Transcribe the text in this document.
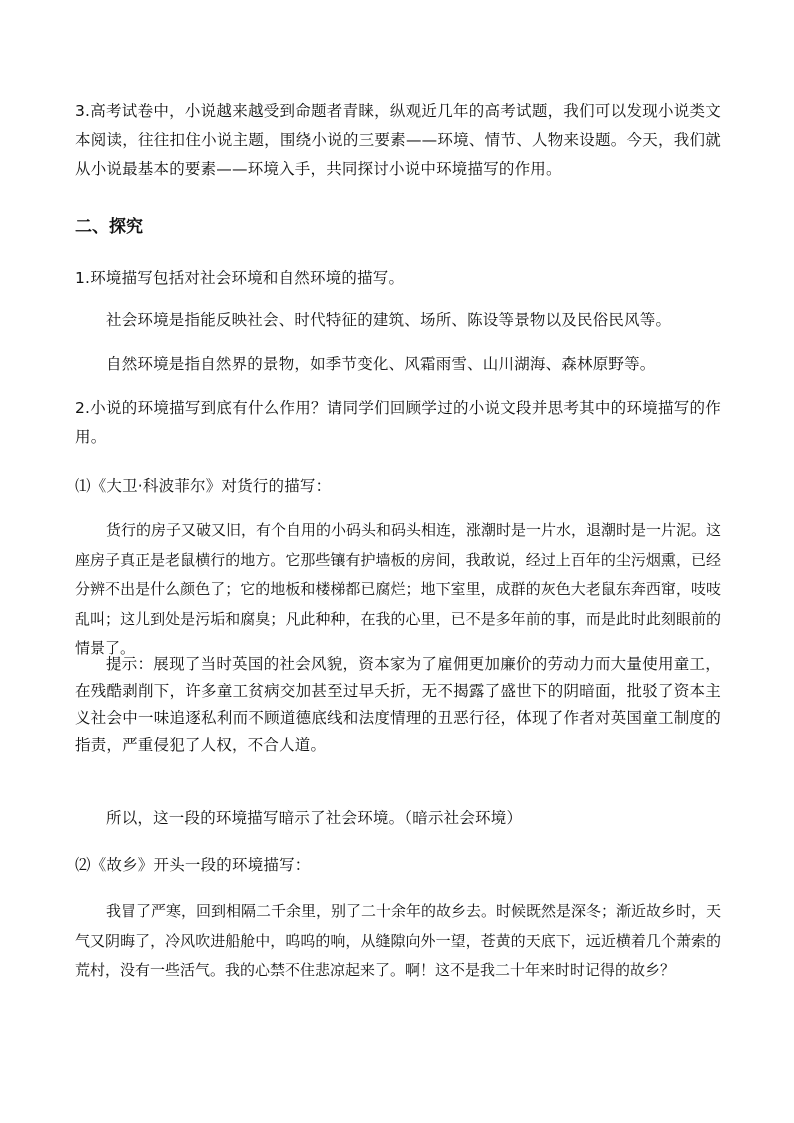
3.高考试卷中，小说越来越受到命题者青睐，纵观近几年的高考试题，我们可以发现小说类文本阅读，往往扣住小说主题，围绕小说的三要素——环境、情节、人物来设题。今天，我们就从小说最基本的要素——环境入手，共同探讨小说中环境描写的作用。

二、探究

1.环境描写包括对社会环境和自然环境的描写。

社会环境是指能反映社会、时代特征的建筑、场所、陈设等景物以及民俗民风等。

自然环境是指自然界的景物，如季节变化、风霜雨雪、山川湖海、森林原野等。

2.小说的环境描写到底有什么作用？请同学们回顾学过的小说文段并思考其中的环境描写的作用。

⑴《大卫·科波菲尔》对货行的描写：

货行的房子又破又旧，有个自用的小码头和码头相连，涨潮时是一片水，退潮时是一片泥。这座房子真正是老鼠横行的地方。它那些镶有护墙板的房间，我敢说，经过上百年的尘污烟熏，已经分辨不出是什么颜色了；它的地板和楼梯都已腐烂；地下室里，成群的灰色大老鼠东奔西窜，吱吱乱叫；这儿到处是污垢和腐臭；凡此种种，在我的心里，已不是多年前的事，而是此时此刻眼前的情景了。

提示：展现了当时英国的社会风貌，资本家为了雇佣更加廉价的劳动力而大量使用童工，在残酷剥削下，许多童工贫病交加甚至过早夭折，无不揭露了盛世下的阴暗面，批驳了资本主义社会中一味追逐私利而不顾道德底线和法度情理的丑恶行径，体现了作者对英国童工制度的指责，严重侵犯了人权，不合人道。

所以，这一段的环境描写暗示了社会环境。（暗示社会环境）

⑵《故乡》开头一段的环境描写：

我冒了严寒，回到相隔二千余里，别了二十余年的故乡去。时候既然是深冬；渐近故乡时，天气又阴晦了，冷风吹进船舱中，呜呜的响，从缝隙向外一望，苍黄的天底下，远近横着几个萧索的荒村，没有一些活气。我的心禁不住悲凉起来了。啊！这不是我二十年来时时记得的故乡？
